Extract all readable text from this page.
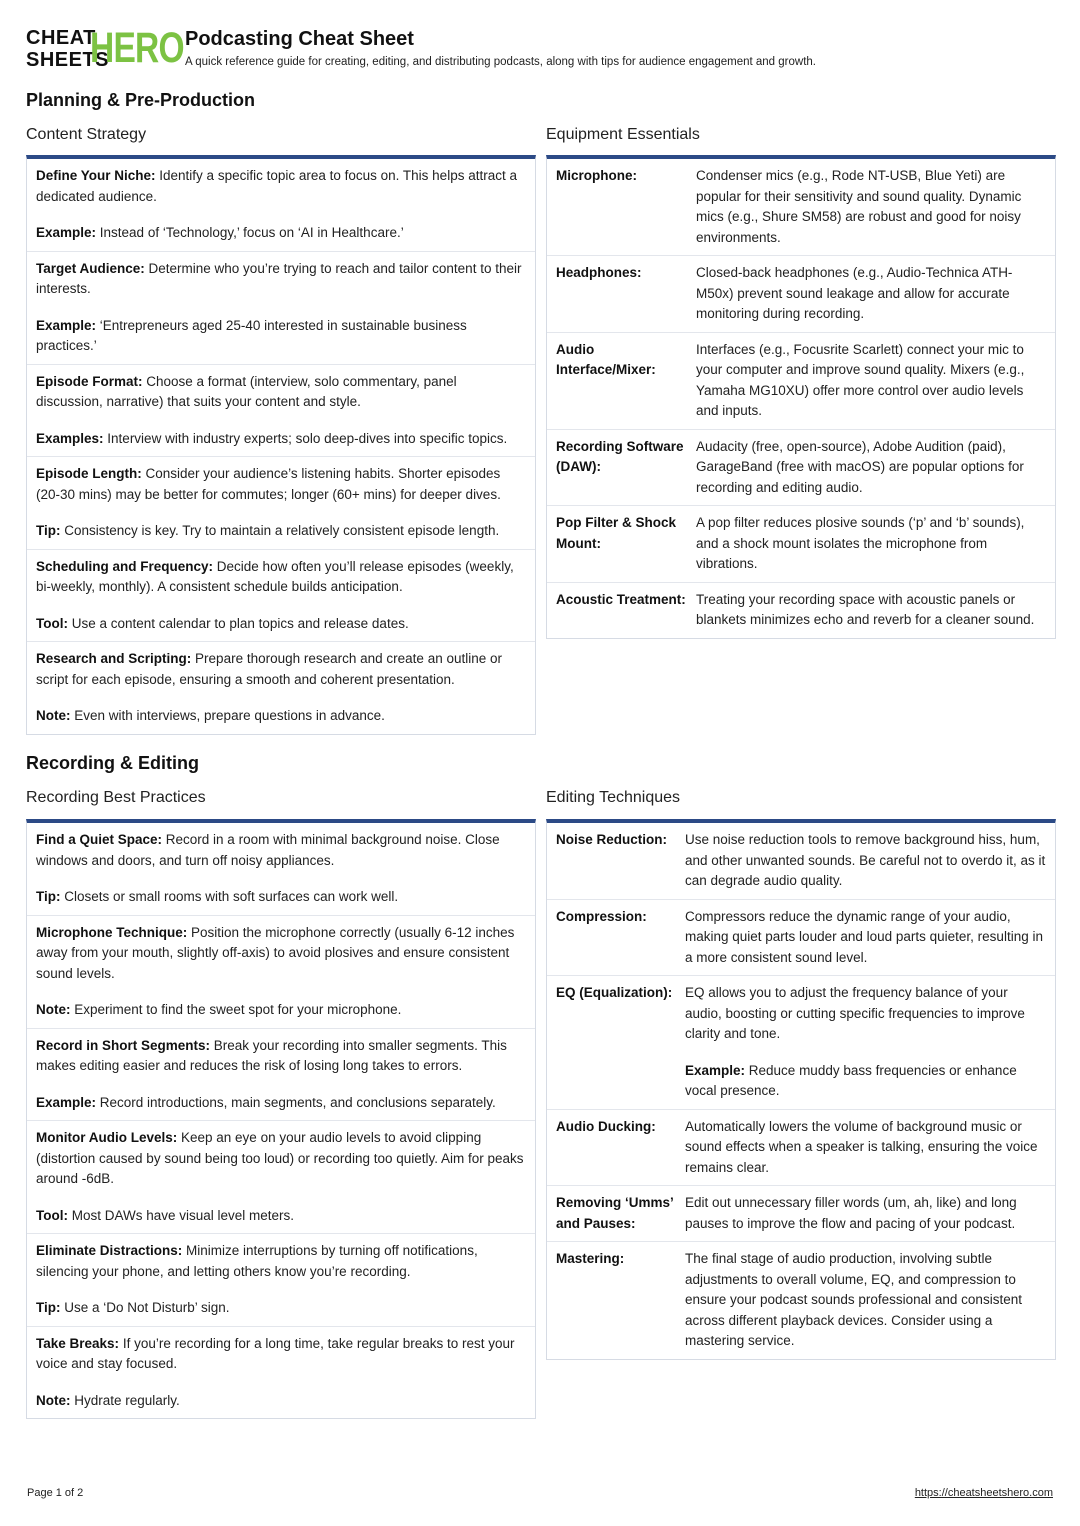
CHEAT
SHEETS
HERO Podcasting Cheat Sheet
A quick reference guide for creating, editing, and distributing podcasts, along with tips for audience engagement and growth.
Planning & Pre-Production
Content Strategy

Define Your Niche: Identify a specific topic area to focus on. This helps attract a dedicated audience.

Example: Instead of ‘Technology,’ focus on ‘AI in Healthcare.’

Target Audience: Determine who you’re trying to reach and tailor content to their interests.

Example: ‘Entrepreneurs aged 25-40 interested in sustainable business practices.’

Episode Format: Choose a format (interview, solo commentary, panel discussion, narrative) that suits your content and style.

Examples: Interview with industry experts; solo deep-dives into specific topics.

Episode Length: Consider your audience’s listening habits. Shorter episodes (20-30 mins) may be better for commutes; longer (60+ mins) for deeper dives.

Tip: Consistency is key. Try to maintain a relatively consistent episode length.

Scheduling and Frequency: Decide how often you’ll release episodes (weekly, bi-weekly, monthly). A consistent schedule builds anticipation.

Tool: Use a content calendar to plan topics and release dates.

Research and Scripting: Prepare thorough research and create an outline or script for each episode, ensuring a smooth and coherent presentation.

Note: Even with interviews, prepare questions in advance.

Equipment Essentials
Microphone:	Condenser mics (e.g., Rode NT-USB, Blue Yeti) are popular for their sensitivity and sound quality. Dynamic mics (e.g., Shure SM58) are robust and good for noisy environments.
Headphones:	Closed-back headphones (e.g., Audio-Technica ATH-M50x) prevent sound leakage and allow for accurate monitoring during recording.
Audio Interface/Mixer:
Interfaces (e.g., Focusrite Scarlett) connect your mic to your computer and improve sound quality. Mixers (e.g., Yamaha MG10XU) offer more control over audio levels and inputs.
Recording Software (DAW):
Audacity (free, open-source), Adobe Audition (paid), GarageBand (free with macOS) are popular options for recording and editing audio.
Pop Filter & Shock Mount:
A pop filter reduces plosive sounds (‘p’ and ‘b’ sounds), and a shock mount isolates the microphone from vibrations.
Acoustic Treatment: Treating your recording space with acoustic panels or blankets minimizes echo and reverb for a cleaner sound.
Recording & Editing
Recording Best Practices

Find a Quiet Space: Record in a room with minimal background noise. Close windows and doors, and turn off noisy appliances.

Tip: Closets or small rooms with soft surfaces can work well.

Microphone Technique: Position the microphone correctly (usually 6-12 inches away from your mouth, slightly off-axis) to avoid plosives and ensure consistent sound levels.

Note: Experiment to find the sweet spot for your microphone.

Record in Short Segments: Break your recording into smaller segments. This makes editing easier and reduces the risk of losing long takes to errors.

Example: Record introductions, main segments, and conclusions separately.

Monitor Audio Levels: Keep an eye on your audio levels to avoid clipping (distortion caused by sound being too loud) or recording too quietly. Aim for peaks around -6dB.

Tool: Most DAWs have visual level meters.

Eliminate Distractions: Minimize interruptions by turning off notifications, silencing your phone, and letting others know you’re recording.

Tip: Use a ‘Do Not Disturb’ sign.

Take Breaks: If you’re recording for a long time, take regular breaks to rest your voice and stay focused.

Note: Hydrate regularly.

Editing Techniques
Noise Reduction:	Use noise reduction tools to remove background hiss, hum, and other unwanted sounds. Be careful not to overdo it, as it can degrade audio quality.
Compression:	Compressors reduce the dynamic range of your audio, making quiet parts louder and loud parts quieter, resulting in a more consistent sound level.
EQ (Equalization): EQ allows you to adjust the frequency balance of your audio, boosting or cutting specific frequencies to improve clarity and tone.

Example: Reduce muddy bass frequencies or enhance vocal presence.

Audio Ducking:	Automatically lowers the volume of background music or sound effects when a speaker is talking, ensuring the voice remains clear.
Removing ‘Umms’ and Pauses:
Edit out unnecessary filler words (um, ah, like) and long pauses to improve the flow and pacing of your podcast.
Mastering:	The final stage of audio production, involving subtle adjustments to overall volume, EQ, and compression to ensure your podcast sounds professional and consistent across different playback devices. Consider using a mastering service.
Page 1 of 2	https://cheatsheetshero.com
